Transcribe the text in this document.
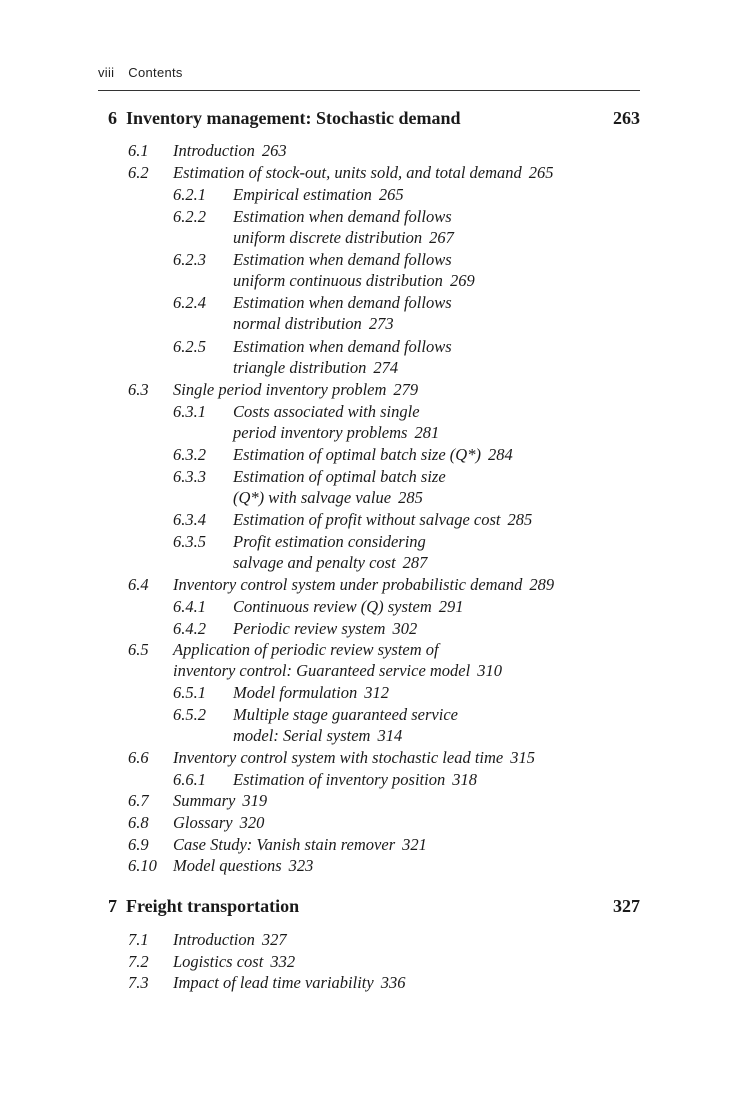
viii Contents
6 Inventory management: Stochastic demand	263
6.1 Introduction 263
6.2 Estimation of stock-out, units sold, and total demand 265
6.2.1 Empirical estimation 265
6.2.2 Estimation when demand follows
uniform discrete distribution 267
6.2.3 Estimation when demand follows
uniform continuous distribution 269
6.2.4 Estimation when demand follows
normal distribution 273
6.2.5 Estimation when demand follows
triangle distribution 274
6.3 Single period inventory problem 279
6.3.1 Costs associated with single
period inventory problems 281
6.3.2 Estimation of optimal batch size (Q*) 284
6.3.3 Estimation of optimal batch size
(Q*) with salvage value 285
6.3.4 Estimation of profit without salvage cost 285
6.3.5 Profit estimation considering
salvage and penalty cost 287
6.4 Inventory control system under probabilistic demand 289
6.4.1 Continuous review (Q) system 291
6.4.2 Periodic review system 302
6.5 Application of periodic review system of
inventory control: Guaranteed service model 310
6.5.1 Model formulation 312
6.5.2 Multiple stage guaranteed service
model: Serial system 314
6.6 Inventory control system with stochastic lead time 315
6.6.1 Estimation of inventory position 318
6.7 Summary 319
6.8 Glossary 320
6.9 Case Study: Vanish stain remover 321
6.10 Model questions 323
7 Freight transportation	327
7.1 Introduction 327
7.2 Logistics cost 332
7.3 Impact of lead time variability 336
